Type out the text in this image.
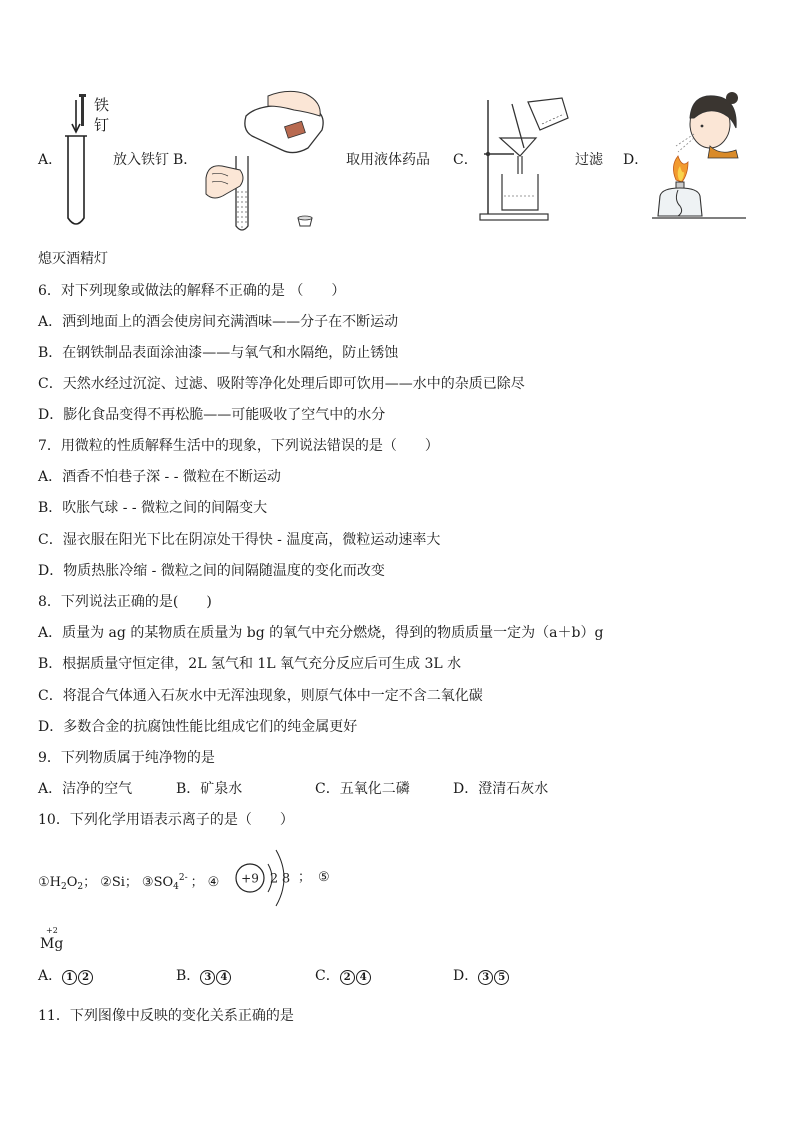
铁
钉
A．	放入铁钉 B．	取用液体药品 C．	过滤 D．
熄灭酒精灯
6．对下列现象或做法的解释不正确的是 （　　）
A．洒到地面上的酒会使房间充满酒味——分子在不断运动
B．在钢铁制品表面涂油漆——与氧气和水隔绝，防止锈蚀
C．天然水经过沉淀、过滤、吸附等净化处理后即可饮用——水中的杂质已除尽
D．膨化食品变得不再松脆——可能吸收了空气中的水分
7．用微粒的性质解释生活中的现象，下列说法错误的是（　　）
A．酒香不怕巷子深 - - 微粒在不断运动
B．吹胀气球 - - 微粒之间的间隔变大
C．湿衣服在阳光下比在阴凉处干得快 - 温度高，微粒运动速率大
D．物质热胀冷缩 - 微粒之间的间隔随温度的变化而改变
8．下列说法正确的是(　　)
A．质量为 ag 的某物质在质量为 bg 的氧气中充分燃烧，得到的物质质量一定为（a＋b）g
B．根据质量守恒定律，2L 氢气和 1L 氧气充分反应后可生成 3L 水
C．将混合气体通入石灰水中无浑浊现象，则原气体中一定不含二氧化碳
D．多数合金的抗腐蚀性能比组成它们的纯金属更好
9．下列物质属于纯净物的是
A．洁净的空气	B．矿泉水	C．五氧化二磷	D．澄清石灰水
10．下列化学用语表示离子的是（　　）
$①H_2O_2$； ②Si； $③SO_4^{2-}$ ； ④ +9 2 8 ； ⑤
+2
Mg
A． 1 2	B． 3 4	C． 2 4	D． 3 5
11．下列图像中反映的变化关系正确的是
